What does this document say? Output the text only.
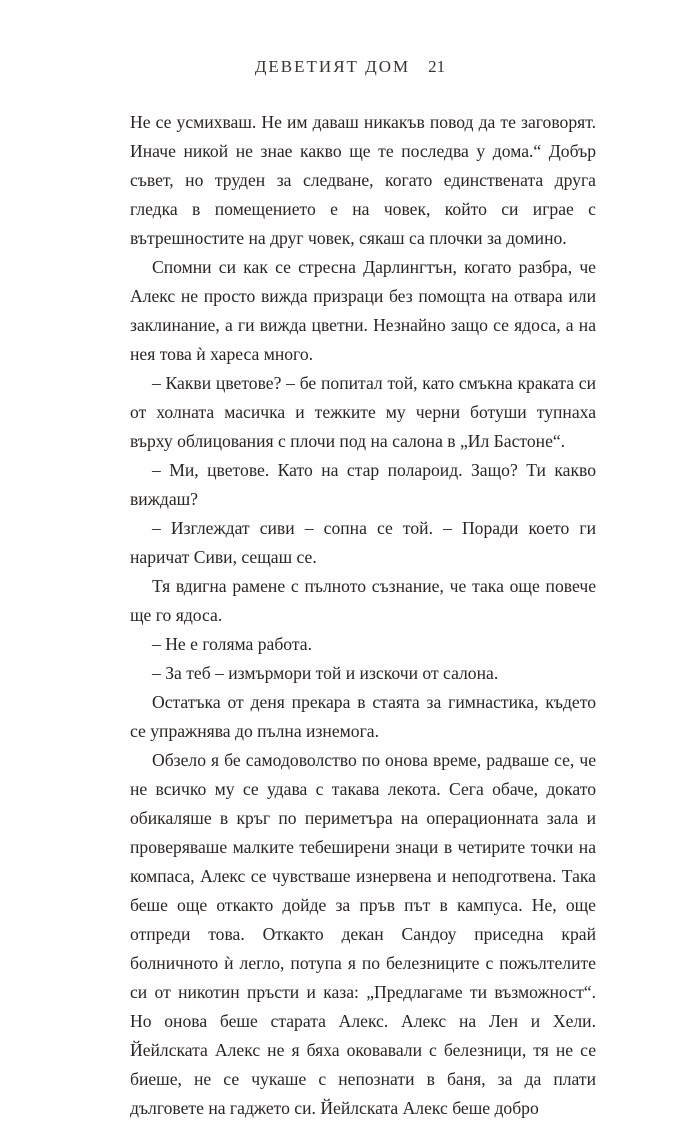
ДЕВЕТИЯТ ДОМ 21

Не се усмихваш. Не им даваш никакъв повод да те заговорят. Иначе никой не знае какво ще те последва у дома.“ Добър съвет, но труден за следване, когато единствената друга гледка в помещението е на човек, който си играе с вътрешностите на друг човек, сякаш са плочки за домино.

Спомни си как се стресна Дарлингтън, когато разбра, че Алекс не просто вижда призраци без помощта на отвара или заклинание, а ги вижда цветни. Незнайно защо се ядоса, а на нея това ѝ хареса много.

– Какви цветове? – бе попитал той, като смъкна краката си от холната масичка и тежките му черни ботуши тупнаха върху облицования с плочи под на салона в „Ил Бастоне“.

– Ми, цветове. Като на стар полароид. Защо? Ти какво виждаш?

– Изглеждат сиви – сопна се той. – Поради което ги наричат Сиви, сещаш се.

Тя вдигна рамене с пълното съзнание, че така още повече ще го ядоса.

– Не е голяма работа.

– За теб – измърмори той и изскочи от салона.

Остатъка от деня прекара в стаята за гимнастика, където се упражнява до пълна изнемога.

Обзело я бе самодоволство по онова време, радваше се, че не всичко му се удава с такава лекота. Сега обаче, докато обикаляше в кръг по периметъра на операционната зала и проверяваше малките тебеширени знаци в четирите точки на компаса, Алекс се чувстваше изнервена и неподготвена. Така беше още откакто дойде за пръв път в кампуса. Не, още отпреди това. Откакто декан Сандоу приседна край болничното ѝ легло, потупа я по белезниците с пожълтелите си от никотин пръсти и каза: „Предлагаме ти възможност“. Но онова беше старата Алекс. Алекс на Лен и Хели. Йейлската Алекс не я бяха оковавали с белезници, тя не се биеше, не се чукаше с непознати в баня, за да плати дълговете на гаджето си. Йейлската Алекс беше добро
